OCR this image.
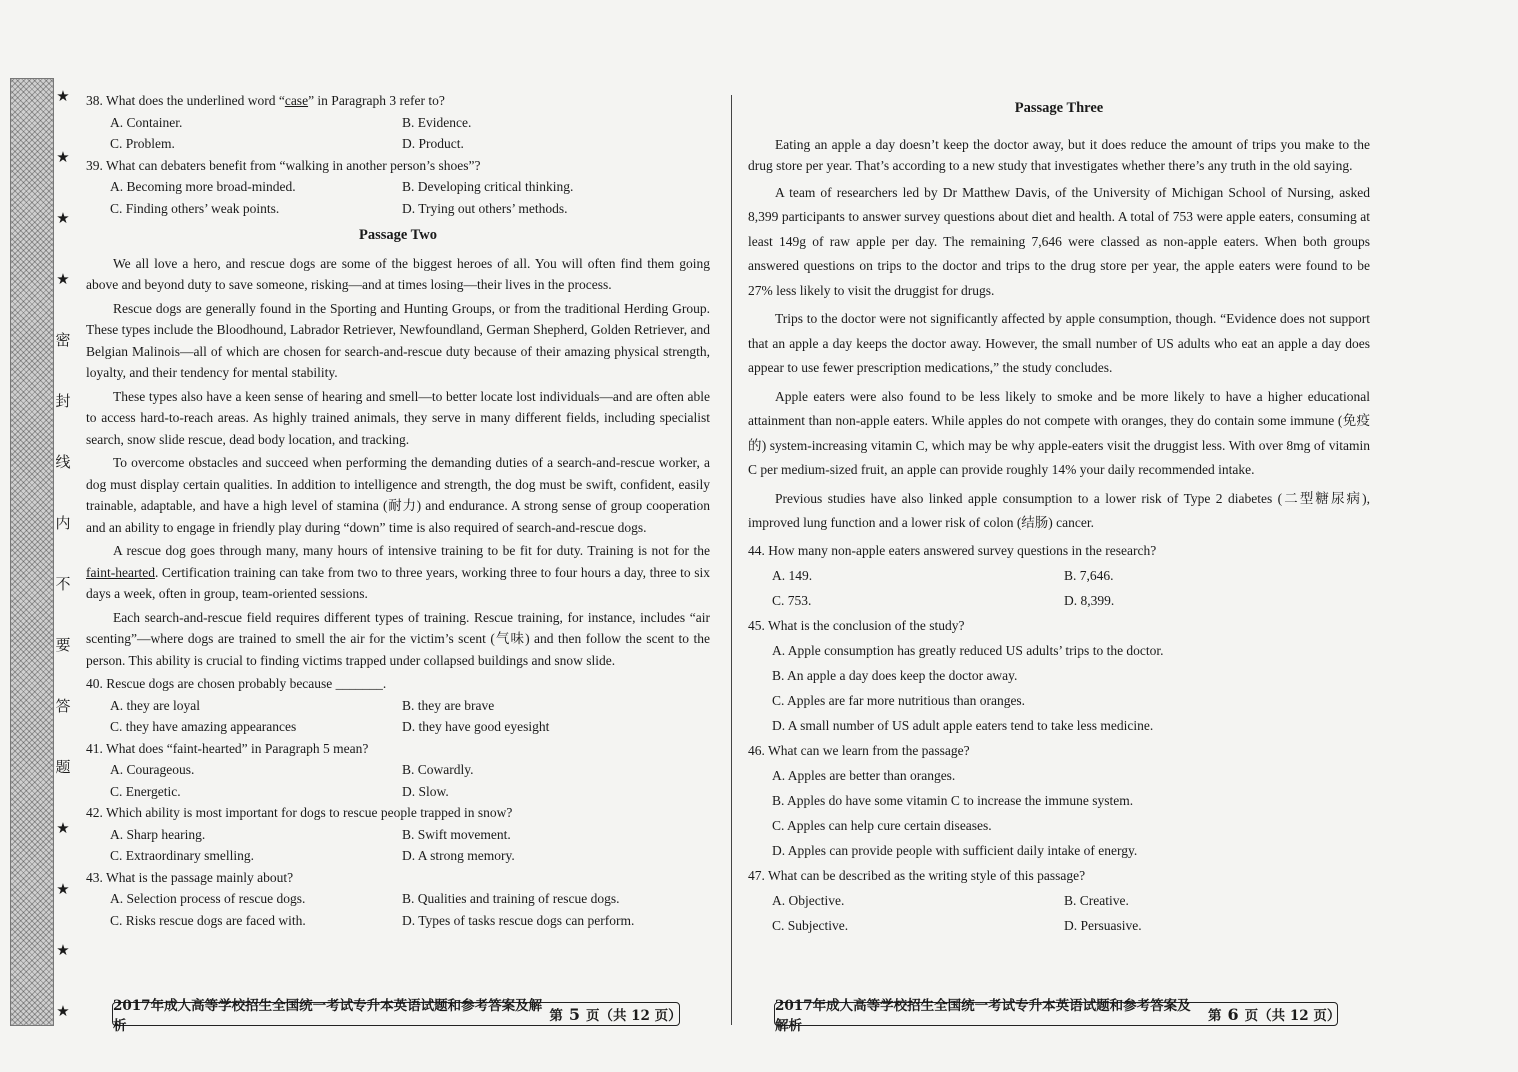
★
★
★
★
密
封
线
内
不
要
答
题
★
★
★
★

38. What does the underlined word “case” in Paragraph 3 refer to?

A. Container.	B. Evidence.
C. Problem.	D. Product.

39. What can debaters benefit from “walking in another person’s shoes”?

A. Becoming more broad-minded.	B. Developing critical thinking.
C. Finding others’ weak points.	D. Trying out others’ methods.
Passage Two

We all love a hero, and rescue dogs are some of the biggest heroes of all. You will often find them going above and beyond duty to save someone, risking—and at times losing—their lives in the process.

Rescue dogs are generally found in the Sporting and Hunting Groups, or from the traditional Herding Group. These types include the Bloodhound, Labrador Retriever, Newfoundland, German Shepherd, Golden Retriever, and Belgian Malinois—all of which are chosen for search-and-rescue duty because of their amazing physical strength, loyalty, and their tendency for mental stability.

These types also have a keen sense of hearing and smell—to better locate lost individuals—and are often able to access hard-to-reach areas. As highly trained animals, they serve in many different fields, including specialist search, snow slide rescue, dead body location, and tracking.

To overcome obstacles and succeed when performing the demanding duties of a search-and-rescue worker, a dog must display certain qualities. In addition to intelligence and strength, the dog must be swift, confident, easily trainable, adaptable, and have a high level of stamina (耐力) and endurance. A strong sense of group cooperation and an ability to engage in friendly play during “down” time is also required of search-and-rescue dogs.

A rescue dog goes through many, many hours of intensive training to be fit for duty. Training is not for the faint-hearted. Certification training can take from two to three years, working three to four hours a day, three to six days a week, often in group, team-oriented sessions.

Each search-and-rescue field requires different types of training. Rescue training, for instance, includes “air scenting”—where dogs are trained to smell the air for the victim’s scent (气味) and then follow the scent to the person. This ability is crucial to finding victims trapped under collapsed buildings and snow slide.

40. Rescue dogs are chosen probably because _______.

A. they are loyal	B. they are brave
C. they have amazing appearances	D. they have good eyesight

41. What does “faint-hearted” in Paragraph 5 mean?

A. Courageous.	B. Cowardly.
C. Energetic.	D. Slow.

42. Which ability is most important for dogs to rescue people trapped in snow?

A. Sharp hearing.	B. Swift movement.
C. Extraordinary smelling.	D. A strong memory.

43. What is the passage mainly about?

A. Selection process of rescue dogs.	B. Qualities and training of rescue dogs.
C. Risks rescue dogs are faced with.	D. Types of tasks rescue dogs can perform.
2017年成人高等学校招生全国统一考试专升本英语试题和参考答案及解析
第 5 页（共 12 页）
Passage Three

Eating an apple a day doesn’t keep the doctor away, but it does reduce the amount of trips you make to the drug store per year. That’s according to a new study that investigates whether there’s any truth in the old saying.

A team of researchers led by Dr Matthew Davis, of the University of Michigan School of Nursing, asked 8,399 participants to answer survey questions about diet and health. A total of 753 were apple eaters, consuming at least 149g of raw apple per day. The remaining 7,646 were classed as non-apple eaters. When both groups answered questions on trips to the doctor and trips to the drug store per year, the apple eaters were found to be 27% less likely to visit the druggist for drugs.

Trips to the doctor were not significantly affected by apple consumption, though. “Evidence does not support that an apple a day keeps the doctor away. However, the small number of US adults who eat an apple a day does appear to use fewer prescription medications,” the study concludes.

Apple eaters were also found to be less likely to smoke and be more likely to have a higher educational attainment than non-apple eaters. While apples do not compete with oranges, they do contain some immune (免疫的) system-increasing vitamin C, which may be why apple-eaters visit the druggist less. With over 8mg of vitamin C per medium-sized fruit, an apple can provide roughly 14% your daily recommended intake.

Previous studies have also linked apple consumption to a lower risk of Type 2 diabetes (二型糖尿病), improved lung function and a lower risk of colon (结肠) cancer.

44. How many non-apple eaters answered survey questions in the research?

A. 149.	B. 7,646.
C. 753.	D. 8,399.

45. What is the conclusion of the study?

A. Apple consumption has greatly reduced US adults’ trips to the doctor.
B. An apple a day does keep the doctor away.
C. Apples are far more nutritious than oranges.
D. A small number of US adult apple eaters tend to take less medicine.

46. What can we learn from the passage?

A. Apples are better than oranges.
B. Apples do have some vitamin C to increase the immune system.
C. Apples can help cure certain diseases.
D. Apples can provide people with sufficient daily intake of energy.

47. What can be described as the writing style of this passage?

A. Objective.	B. Creative.
C. Subjective.	D. Persuasive.
2017年成人高等学校招生全国统一考试专升本英语试题和参考答案及解析
第 6 页（共 12 页）
